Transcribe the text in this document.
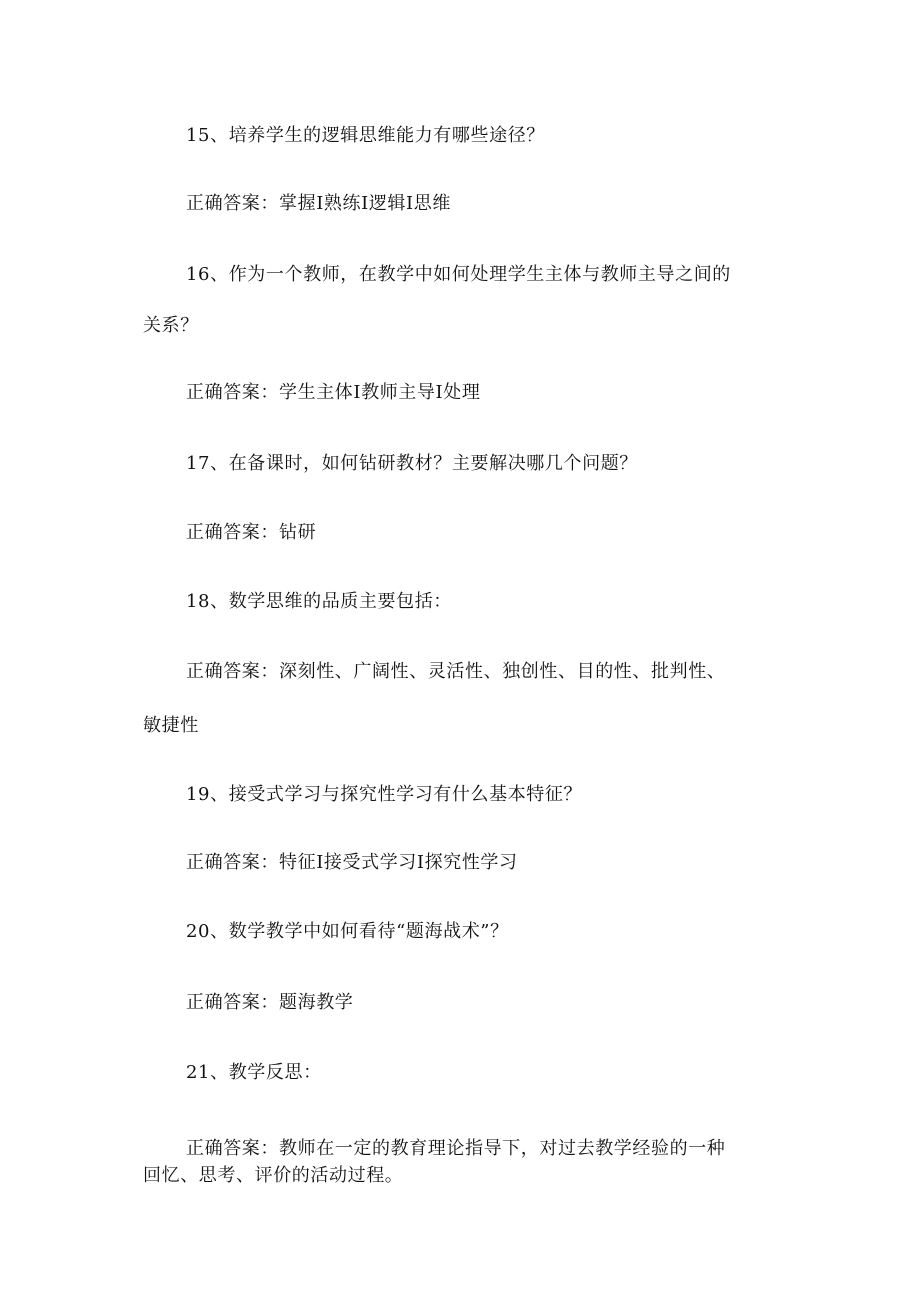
15、培养学生的逻辑思维能力有哪些途径？
正确答案：掌握I熟练I逻辑I思维
16、作为一个教师，在教学中如何处理学生主体与教师主导之间的
关系？
正确答案：学生主体I教师主导I处理
17、在备课时，如何钻研教材？主要解决哪几个问题？
正确答案：钻研
18、数学思维的品质主要包括：
正确答案：深刻性、广阔性、灵活性、独创性、目的性、批判性、
敏捷性
19、接受式学习与探究性学习有什么基本特征？
正确答案：特征I接受式学习I探究性学习
20、数学教学中如何看待“题海战术”？
正确答案：题海教学
21、教学反思：
正确答案：教师在一定的教育理论指导下，对过去教学经验的一种
回忆、思考、评价的活动过程。
